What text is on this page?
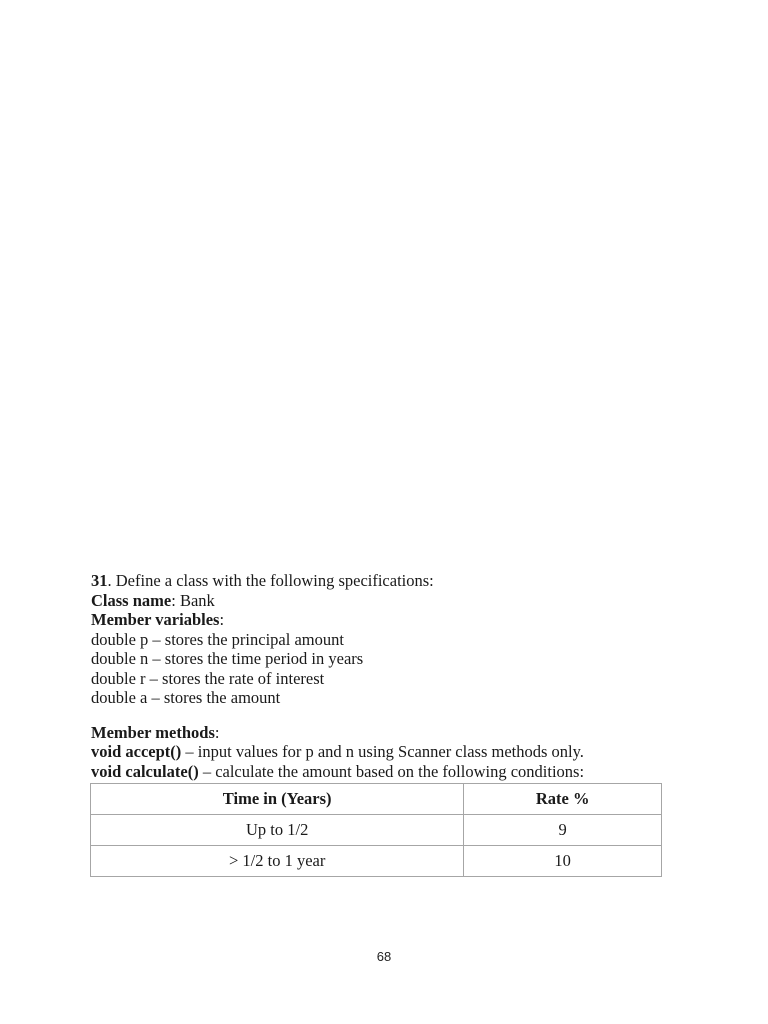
31. Define a class with the following specifications:
Class name: Bank
Member variables:
double p – stores the principal amount
double n – stores the time period in years
double r – stores the rate of interest
double a – stores the amount
Member methods:
void accept() – input values for p and n using Scanner class methods only.
void calculate() – calculate the amount based on the following conditions:
Time in (Years)	Rate %
Up to 1/2	9
> 1/2 to 1 year	10
68
